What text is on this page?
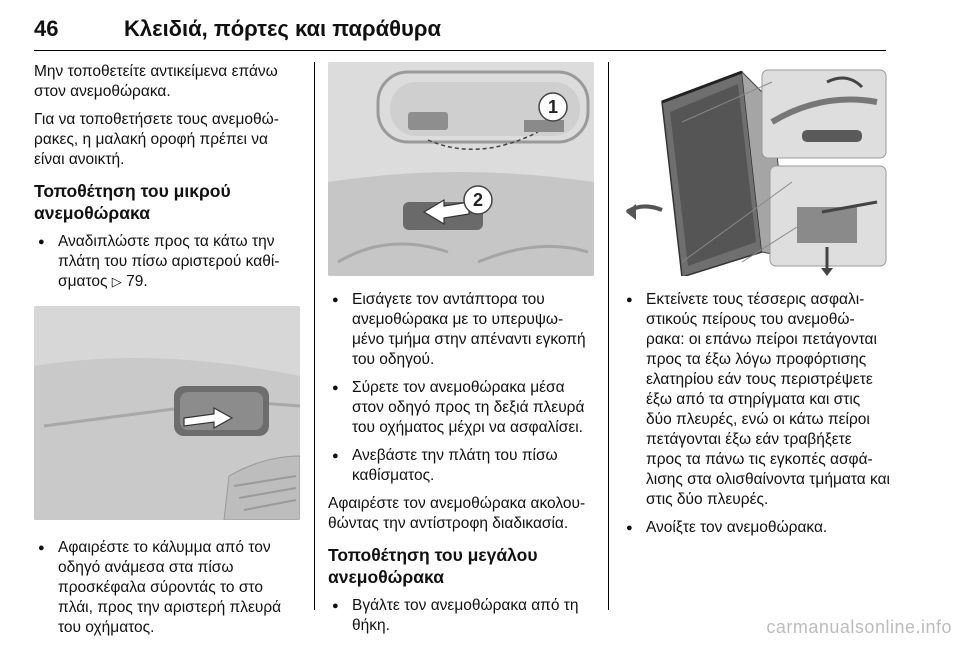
46	Κλειδιά, πόρτες και παράθυρα

Μην τοποθετείτε αντικείμενα επάνω στον ανεμοθώρακα.

Για να τοποθετήσετε τους ανεμοθώ-ρακες, η μαλακή οροφή πρέπει να είναι ανοικτή.

Τοποθέτηση του μικρού ανεμοθώρακα
● Αναδιπλώστε προς τα κάτω την πλάτη του πίσω αριστερού καθί-σματος ▷ 79.
● Αφαιρέστε το κάλυμμα από τον οδηγό ανάμεσα στα πίσω προσκέφαλα σύροντάς το στο πλάι, προς την αριστερή πλευρά του οχήματος.
1
2
● Εισάγετε τον αντάπτορα του ανεμοθώρακα με το υπερυψω-μένο τμήμα στην απέναντι εγκοπή του οδηγού.
● Σύρετε τον ανεμοθώρακα μέσα στον οδηγό προς τη δεξιά πλευρά του οχήματος μέχρι να ασφαλίσει.
● Ανεβάστε την πλάτη του πίσω καθίσματος.

Αφαιρέστε τον ανεμοθώρακα ακολου-θώντας την αντίστροφη διαδικασία.

Τοποθέτηση του μεγάλου ανεμοθώρακα
● Βγάλτε τον ανεμοθώρακα από τη θήκη.
● Εκτείνετε τους τέσσερις ασφαλι-στικούς πείρους του ανεμοθώ-ρακα: οι επάνω πείροι πετάγονται προς τα έξω λόγω προφόρτισης ελατηρίου εάν τους περιστρέψετε έξω από τα στηρίγματα και στις δύο πλευρές, ενώ οι κάτω πείροι πετάγονται έξω εάν τραβήξετε προς τα πάνω τις εγκοπές ασφά-λισης στα ολισθαίνοντα τμήματα και στις δύο πλευρές.
● Ανοίξτε τον ανεμοθώρακα.
carmanualsonline.info
